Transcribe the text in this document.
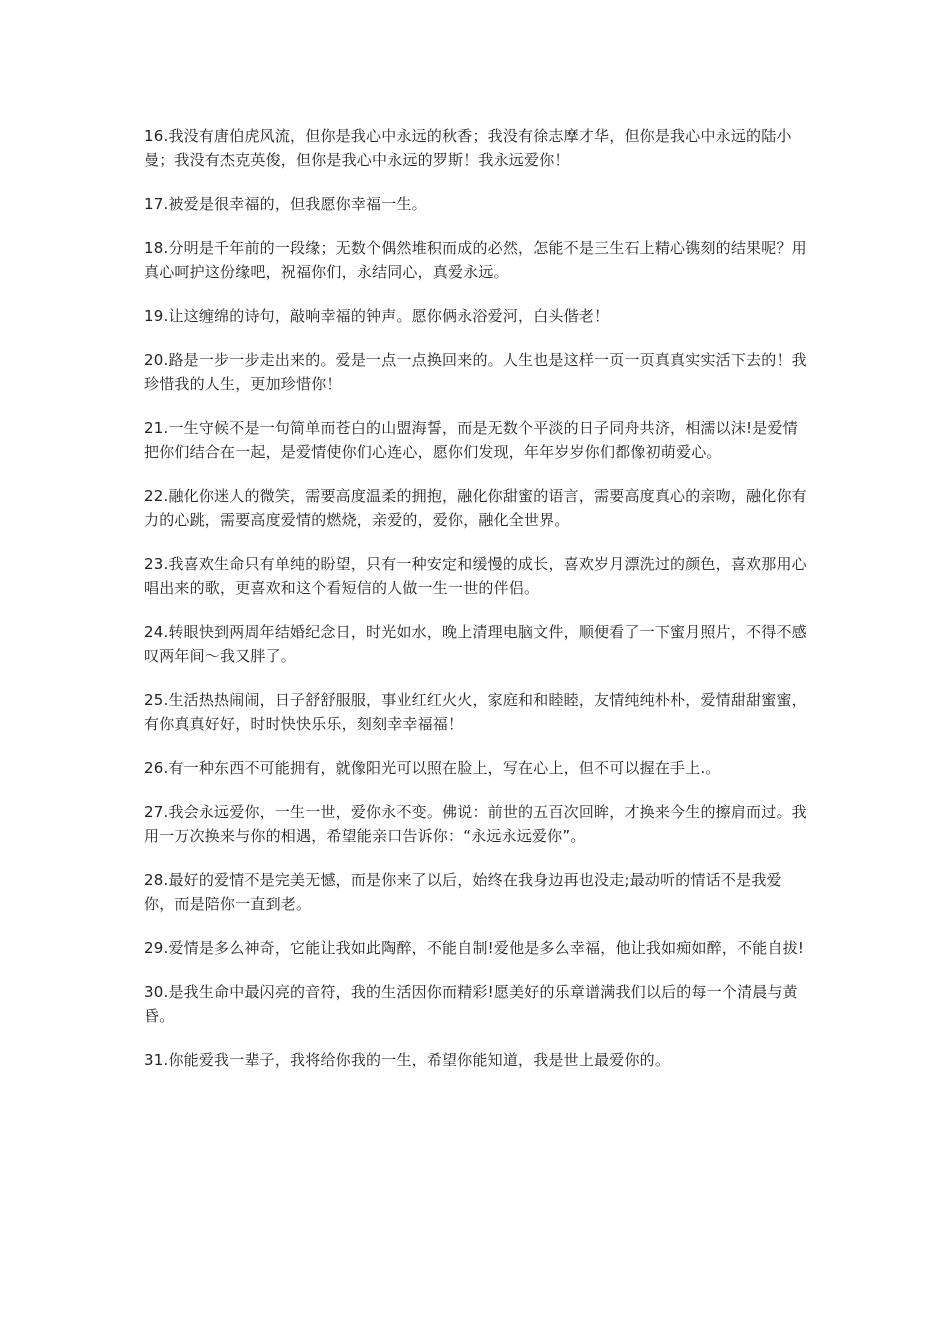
16.我没有唐伯虎风流，但你是我心中永远的秋香；我没有徐志摩才华，但你是我心中永远的陆小曼；我没有杰克英俊，但你是我心中永远的罗斯！我永远爱你！

17.被爱是很幸福的，但我愿你幸福一生。

18.分明是千年前的一段缘；无数个偶然堆积而成的必然，怎能不是三生石上精心镌刻的结果呢？用真心呵护这份缘吧，祝福你们，永结同心，真爱永远。

19.让这缠绵的诗句，敲响幸福的钟声。愿你俩永浴爱河，白头偕老！

20.路是一步一步走出来的。爱是一点一点换回来的。人生也是这样一页一页真真实实活下去的！我珍惜我的人生，更加珍惜你！

21.一生守候不是一句简单而苍白的山盟海誓，而是无数个平淡的日子同舟共济，相濡以沫!是爱情把你们结合在一起，是爱情使你们心连心，愿你们发现，年年岁岁你们都像初萌爱心。

22.融化你迷人的微笑，需要高度温柔的拥抱，融化你甜蜜的语言，需要高度真心的亲吻，融化你有力的心跳，需要高度爱情的燃烧，亲爱的，爱你，融化全世界。

23.我喜欢生命只有单纯的盼望，只有一种安定和缓慢的成长，喜欢岁月漂洗过的颜色，喜欢那用心唱出来的歌，更喜欢和这个看短信的人做一生一世的伴侣。

24.转眼快到两周年结婚纪念日，时光如水，晚上清理电脑文件，顺便看了一下蜜月照片，不得不感叹两年间～我又胖了。

25.生活热热闹闹，日子舒舒服服，事业红红火火，家庭和和睦睦，友情纯纯朴朴，爱情甜甜蜜蜜，有你真真好好，时时快快乐乐，刻刻幸幸福福！

26.有一种东西不可能拥有，就像阳光可以照在脸上，写在心上，但不可以握在手上.。

27.我会永远爱你，一生一世，爱你永不变。佛说：前世的五百次回眸，才换来今生的擦肩而过。我用一万次换来与你的相遇，希望能亲口告诉你：“永远永远爱你”。

28.最好的爱情不是完美无憾，而是你来了以后，始终在我身边再也没走;最动听的情话不是我爱你，而是陪你一直到老。

29.爱情是多么神奇，它能让我如此陶醉，不能自制!爱他是多么幸福，他让我如痴如醉，不能自拔!

30.是我生命中最闪亮的音符，我的生活因你而精彩!愿美好的乐章谱满我们以后的每一个清晨与黄昏。

31.你能爱我一辈子，我将给你我的一生，希望你能知道，我是世上最爱你的。
